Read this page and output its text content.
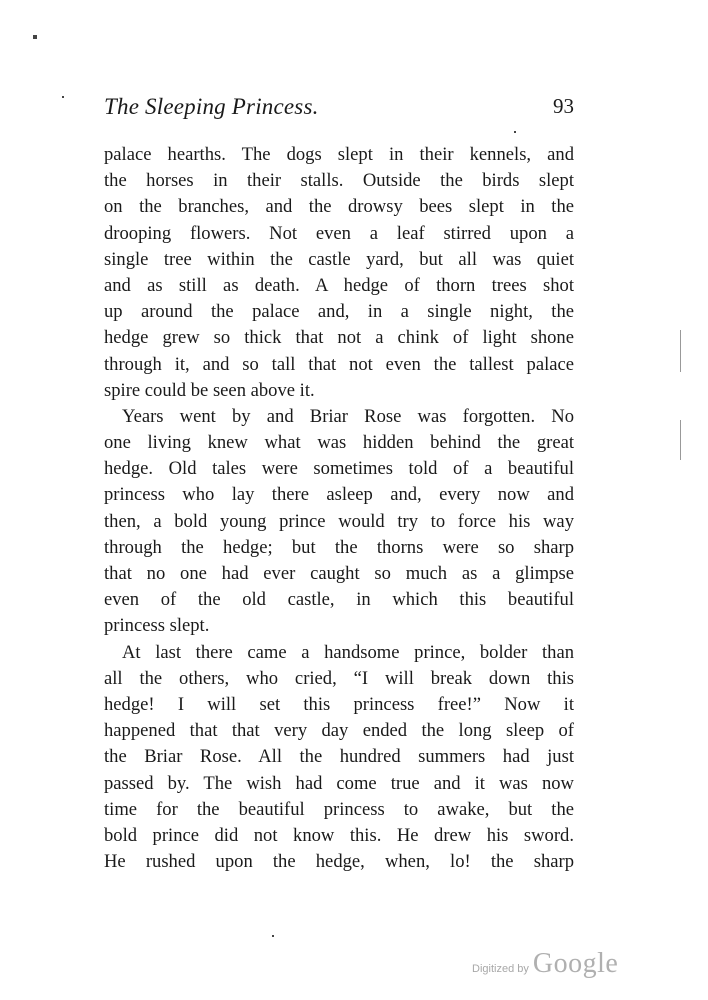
The Sleeping Princess.	93
palace hearths. The dogs slept in their kennels, and
the horses in their stalls. Outside the birds slept
on the branches, and the drowsy bees slept in the
drooping flowers. Not even a leaf stirred upon a
single tree within the castle yard, but all was quiet
and as still as death. A hedge of thorn trees shot
up around the palace and, in a single night, the
hedge grew so thick that not a chink of light shone
through it, and so tall that not even the tallest palace
spire could be seen above it.
Years went by and Briar Rose was forgotten. No
one living knew what was hidden behind the great
hedge. Old tales were sometimes told of a beautiful
princess who lay there asleep and, every now and
then, a bold young prince would try to force his way
through the hedge; but the thorns were so sharp
that no one had ever caught so much as a glimpse
even of the old castle, in which this beautiful
princess slept.
At last there came a handsome prince, bolder than
all the others, who cried, “I will break down this
hedge! I will set this princess free!” Now it
happened that that very day ended the long sleep of
the Briar Rose. All the hundred summers had just
passed by. The wish had come true and it was now
time for the beautiful princess to awake, but the
bold prince did not know this. He drew his sword.
He rushed upon the hedge, when, lo! the sharp
Digitized by Google
